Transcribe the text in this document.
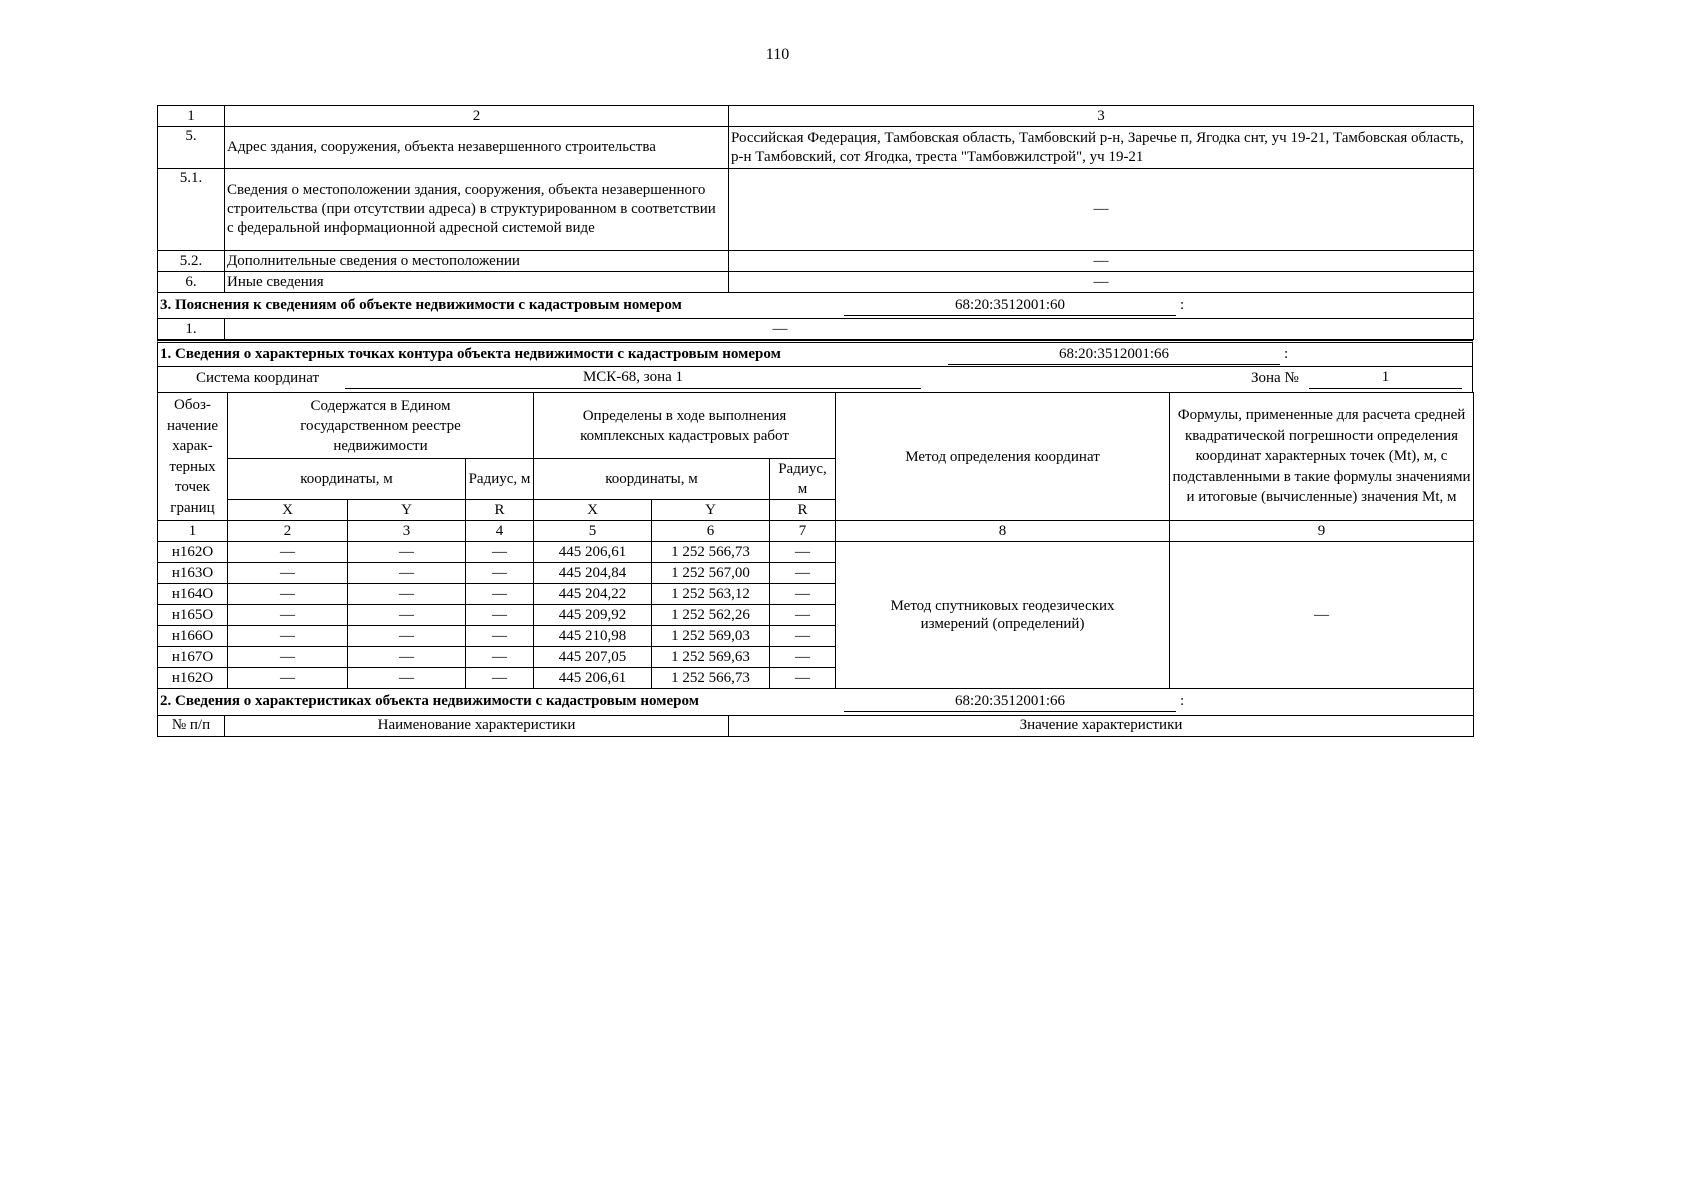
110
1	2	3
5.	Адрес здания, сооружения, объекта незавершенного строительства	Российская Федерация, Тамбовская область, Тамбовский р-н, Заречье п, Ягодка снт, уч 19-21, Тамбовская область, р-н Тамбовский, сот Ягодка, треста "Тамбовжилстрой", уч 19-21
5.1.	Сведения о местоположении здания, сооружения, объекта незавершенного строительства (при отсутствии адреса) в структурированном в соответствии с федеральной информационной адресной системой виде	—
5.2.	Дополнительные сведения о местоположении	—
6.	Иные сведения	—
3. Пояснения к сведениям об объекте недвижимости с кадастровым номером 68:20:3512001:60 :		
1.	—	
1. Сведения о характерных точках контура объекта недвижимости с кадастровым номером	68:20:3512001:66	:
Система координат	МСК-68, зона 1	Зона №	1
Обоз-начение харак-терных точек границ	Содержатся в Едином государственном реестре недвижимости			Определены в ходе выполнения комплексных кадастровых работ			Метод определения координат	Формулы, примененные для расчета средней квадратической погрешности определения координат характерных точек (Mt), м, с подставленными в такие формулы значениями и итоговые (вычисленные) значения Mt, м
	координаты, м		Радиус, м	координаты, м		Радиус, м		
	X	Y	R	X	Y	R		
1	2	3	4	5	6	7	8	9
н162О	—	—	—	445 206,61	1 252 566,73	—	Метод спутниковых геодезических измерений (определений)	—
н163О	—	—	—	445 204,84	1 252 567,00	—		
н164О	—	—	—	445 204,22	1 252 563,12	—		
н165О	—	—	—	445 209,92	1 252 562,26	—		
н166О	—	—	—	445 210,98	1 252 569,03	—		
н167О	—	—	—	445 207,05	1 252 569,63	—		
н162О	—	—	—	445 206,61	1 252 566,73	—		
2. Сведения о характеристиках объекта недвижимости с кадастровым номером	68:20:3512001:66	:
№ п/п	Наименование характеристики	Значение характеристики
